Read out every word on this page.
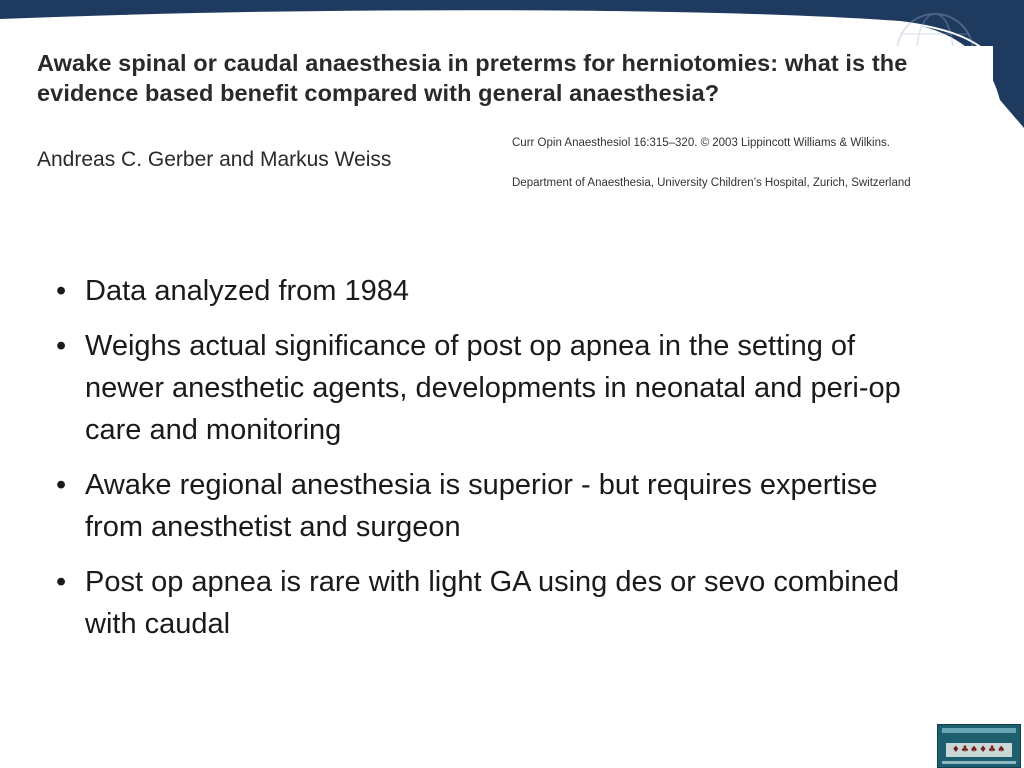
Awake spinal or caudal anaesthesia in preterms for herniotomies: what is the evidence based benefit compared with general anaesthesia?
Andreas C. Gerber and Markus Weiss
Curr Opin Anaesthesiol 16:315–320. © 2003 Lippincott Williams & Wilkins.
Department of Anaesthesia, University Children’s Hospital, Zurich, Switzerland
• Data analyzed from 1984
• Weighs actual significance of post op apnea in the setting of newer anesthetic agents, developments in neonatal and peri-op care and monitoring
• Awake regional anesthesia is superior - but requires expertise from anesthetist and surgeon
• Post op apnea is rare with light GA using des or sevo combined with caudal
♦♣♠♦♣♠
